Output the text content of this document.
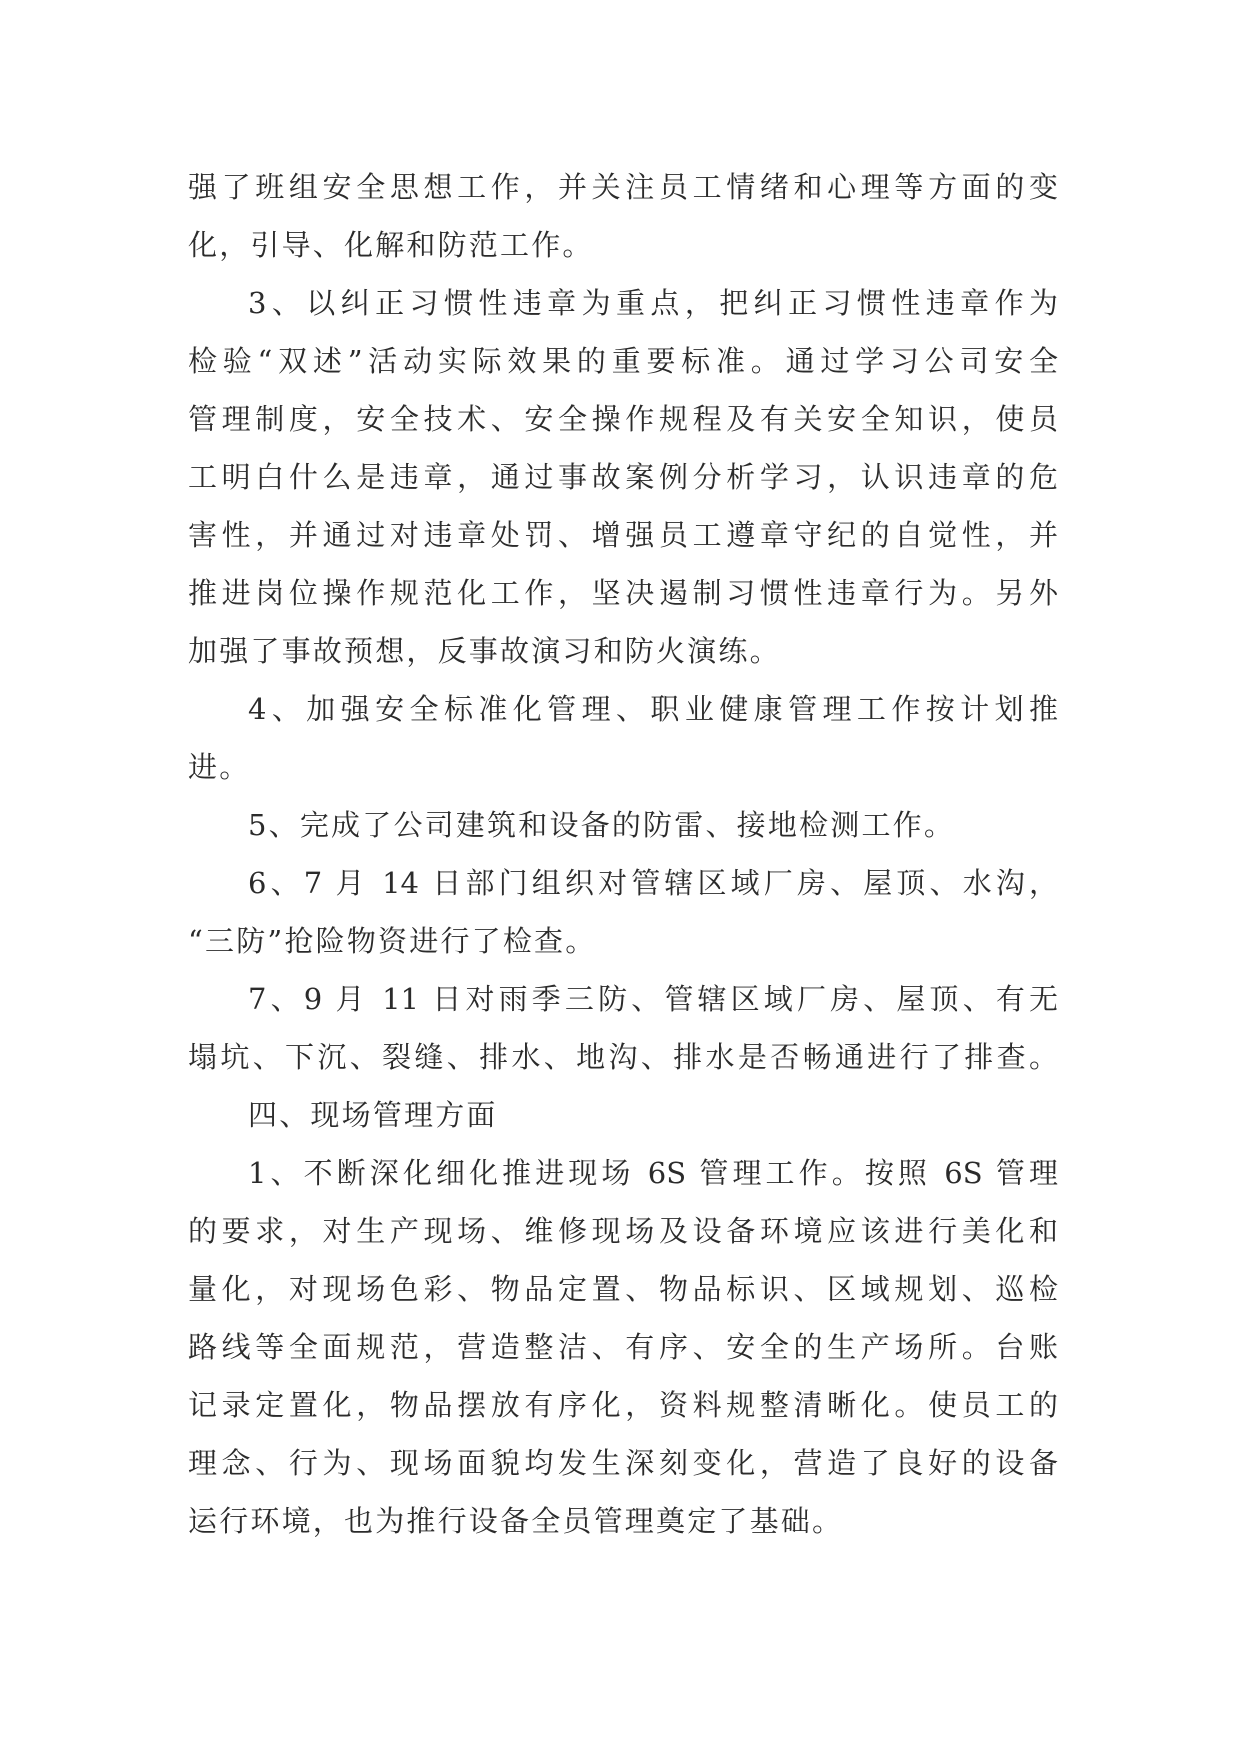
强了班组安全思想工作，并关注员工情绪和心理等方面的变
化，引导、化解和防范工作。
3、以纠正习惯性违章为重点，把纠正习惯性违章作为
检验“双述”活动实际效果的重要标准。通过学习公司安全
管理制度，安全技术、安全操作规程及有关安全知识，使员
工明白什么是违章，通过事故案例分析学习，认识违章的危
害性，并通过对违章处罚、增强员工遵章守纪的自觉性，并
推进岗位操作规范化工作，坚决遏制习惯性违章行为。另外
加强了事故预想，反事故演习和防火演练。
4、加强安全标准化管理、职业健康管理工作按计划推
进。
5、完成了公司建筑和设备的防雷、接地检测工作。
6、7 月 14 日部门组织对管辖区域厂房、屋顶、水沟，
“三防”抢险物资进行了检查。
7、9 月 11 日对雨季三防、管辖区域厂房、屋顶、有无
塌坑、下沉、裂缝、排水、地沟、排水是否畅通进行了排查。
四、现场管理方面
1、不断深化细化推进现场 6S 管理工作。按照 6S 管理
的要求，对生产现场、维修现场及设备环境应该进行美化和
量化，对现场色彩、物品定置、物品标识、区域规划、巡检
路线等全面规范，营造整洁、有序、安全的生产场所。台账
记录定置化，物品摆放有序化，资料规整清晰化。使员工的
理念、行为、现场面貌均发生深刻变化，营造了良好的设备
运行环境，也为推行设备全员管理奠定了基础。
